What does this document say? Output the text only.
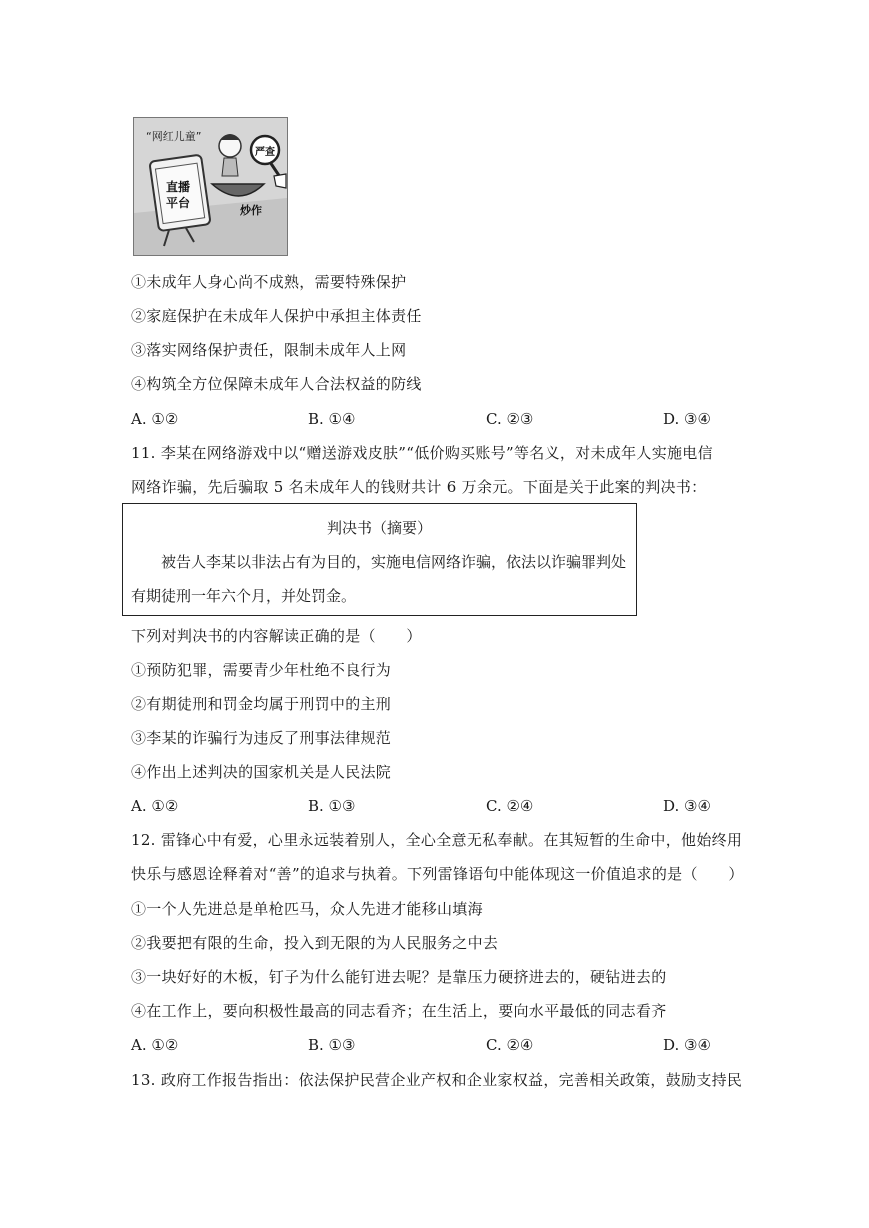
“网红儿童”
直播
平台
严查
炒作
①未成年人身心尚不成熟，需要特殊保护
②家庭保护在未成年人保护中承担主体责任
③落实网络保护责任，限制未成年人上网
④构筑全方位保障未成年人合法权益的防线
A. ①②	B. ①④	C. ②③	D. ③④
11. 李某在网络游戏中以“赠送游戏皮肤”“低价购买账号”等名义，对未成年人实施电信
网络诈骗，先后骗取 5 名未成年人的钱财共计 6 万余元。下面是关于此案的判决书：
判决书（摘要）
被告人李某以非法占有为目的，实施电信网络诈骗，依法以诈骗罪判处
有期徒刑一年六个月，并处罚金。
下列对判决书的内容解读正确的是（　　）
①预防犯罪，需要青少年杜绝不良行为
②有期徒刑和罚金均属于刑罚中的主刑
③李某的诈骗行为违反了刑事法律规范
④作出上述判决的国家机关是人民法院
A. ①②	B. ①③	C. ②④	D. ③④
12. 雷锋心中有爱，心里永远装着别人，全心全意无私奉献。在其短暂的生命中，他始终用
快乐与感恩诠释着对“善”的追求与执着。下列雷锋语句中能体现这一价值追求的是（　　）
①一个人先进总是单枪匹马，众人先进才能移山填海
②我要把有限的生命，投入到无限的为人民服务之中去
③一块好好的木板，钉子为什么能钉进去呢？是靠压力硬挤进去的，硬钻进去的
④在工作上，要向积极性最高的同志看齐；在生活上，要向水平最低的同志看齐
A. ①②	B. ①③	C. ②④	D. ③④
13. 政府工作报告指出：依法保护民营企业产权和企业家权益，完善相关政策，鼓励支持民
